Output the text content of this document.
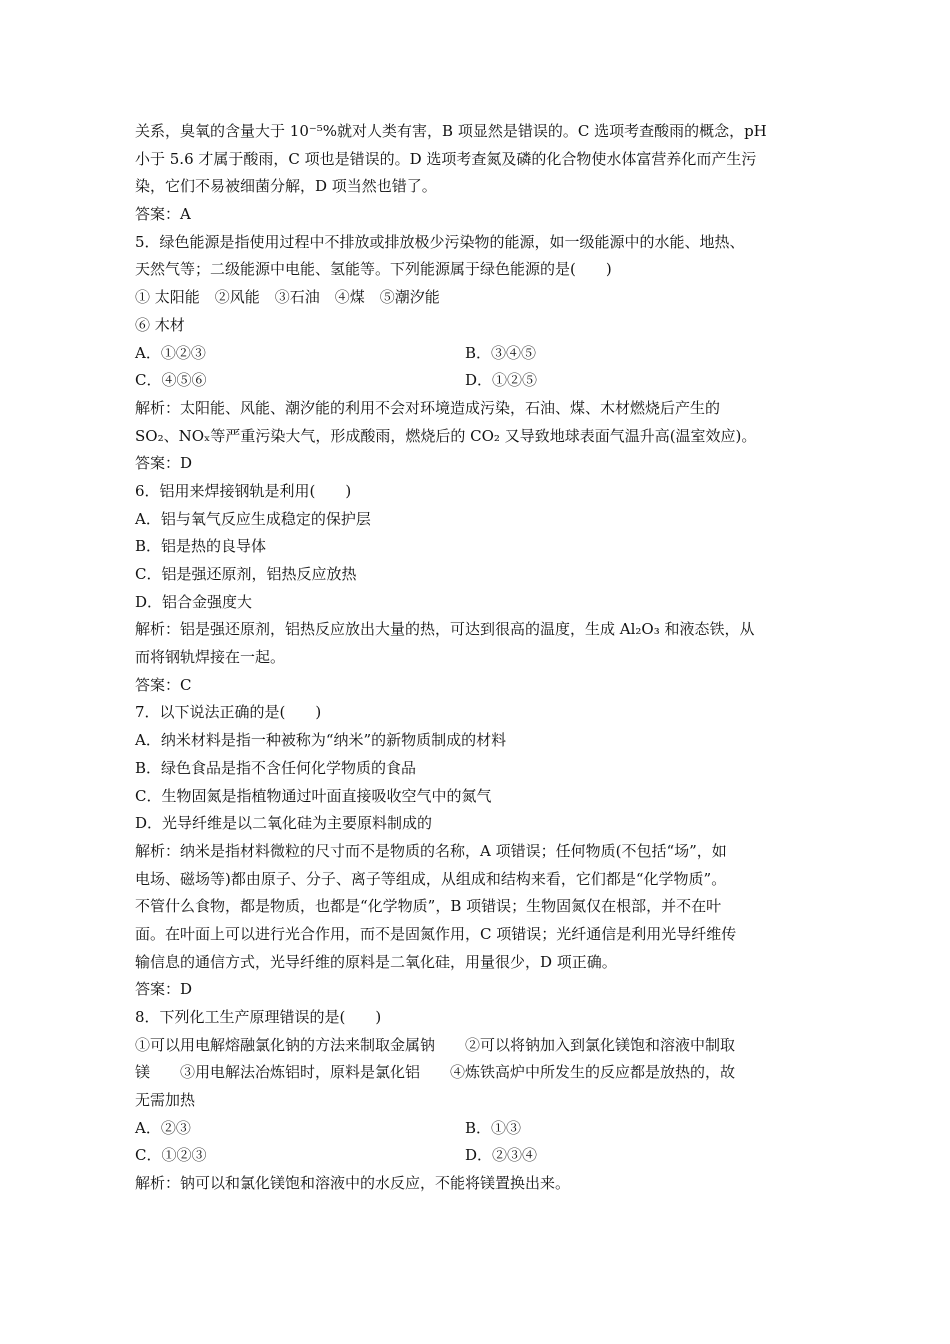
关系，臭氧的含量大于 10⁻⁵%就对人类有害，B 项显然是错误的。C 选项考查酸雨的概念，pH
小于 5.6 才属于酸雨，C 项也是错误的。D 选项考查氮及磷的化合物使水体富营养化而产生污
染，它们不易被细菌分解，D 项当然也错了。
答案：A
5．绿色能源是指使用过程中不排放或排放极少污染物的能源，如一级能源中的水能、地热、
天然气等；二级能源中电能、氢能等。下列能源属于绿色能源的是(　　)
① 太阳能　②风能　③石油　④煤　⑤潮汐能
⑥ 木材
A．①②③	B．③④⑤
C．④⑤⑥	D．①②⑤
解析：太阳能、风能、潮汐能的利用不会对环境造成污染，石油、煤、木材燃烧后产生的
SO₂、NOₓ等严重污染大气，形成酸雨，燃烧后的 CO₂ 又导致地球表面气温升高(温室效应)。
答案：D
6．铝用来焊接钢轨是利用(　　)
A．铝与氧气反应生成稳定的保护层
B．铝是热的良导体
C．铝是强还原剂，铝热反应放热
D．铝合金强度大
解析：铝是强还原剂，铝热反应放出大量的热，可达到很高的温度，生成 Al₂O₃ 和液态铁，从
而将钢轨焊接在一起。
答案：C
7．以下说法正确的是(　　)
A．纳米材料是指一种被称为“纳米”的新物质制成的材料
B．绿色食品是指不含任何化学物质的食品
C．生物固氮是指植物通过叶面直接吸收空气中的氮气
D．光导纤维是以二氧化硅为主要原料制成的
解析：纳米是指材料微粒的尺寸而不是物质的名称，A 项错误；任何物质(不包括“场”，如
电场、磁场等)都由原子、分子、离子等组成，从组成和结构来看，它们都是“化学物质”。
不管什么食物，都是物质，也都是“化学物质”，B 项错误；生物固氮仅在根部，并不在叶
面。在叶面上可以进行光合作用，而不是固氮作用，C 项错误；光纤通信是利用光导纤维传
输信息的通信方式，光导纤维的原料是二氧化硅，用量很少，D 项正确。
答案：D
8．下列化工生产原理错误的是(　　)
①可以用电解熔融氯化钠的方法来制取金属钠　　②可以将钠加入到氯化镁饱和溶液中制取
镁　　③用电解法冶炼铝时，原料是氯化铝　　④炼铁高炉中所发生的反应都是放热的，故
无需加热
A．②③	B．①③
C．①②③	D．②③④
解析：钠可以和氯化镁饱和溶液中的水反应，不能将镁置换出来。
